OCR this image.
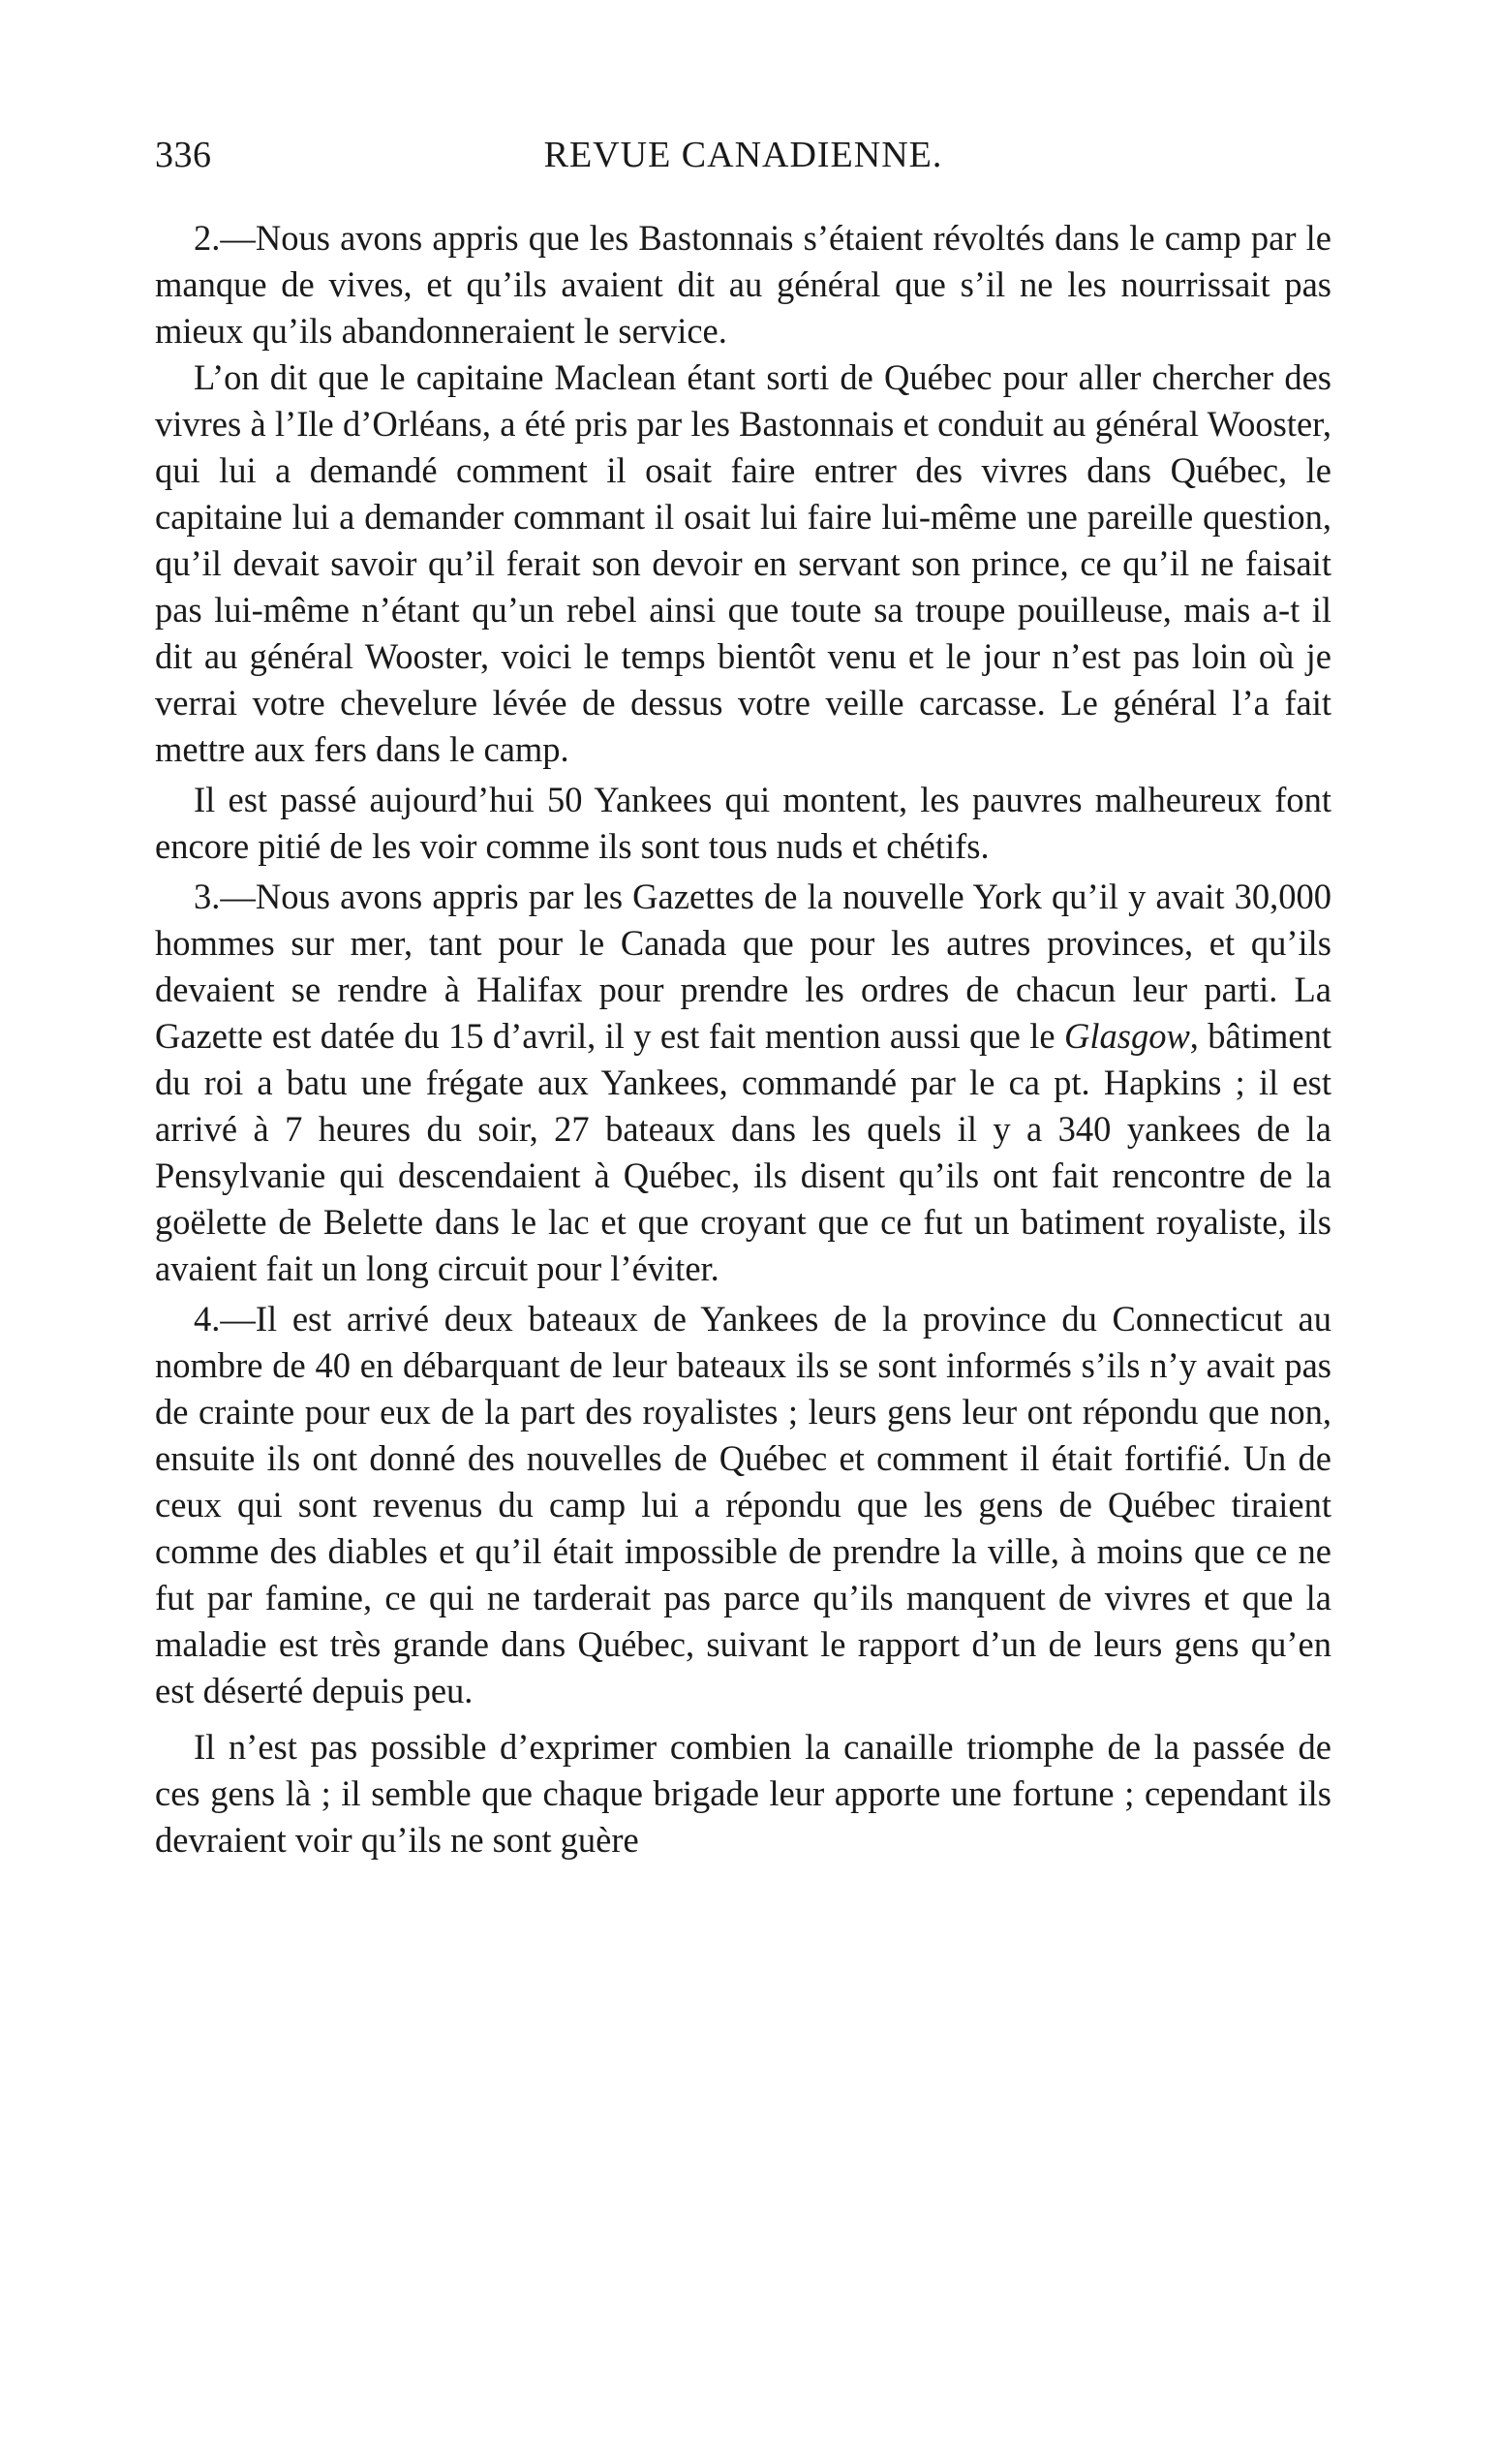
336	REVUE CANADIENNE.

2.—Nous avons appris que les Bastonnais s’étaient révoltés dans le camp par le manque de vives, et qu’ils avaient dit au général que s’il ne les nourrissait pas mieux qu’ils abandonneraient le service.

L’on dit que le capitaine Maclean étant sorti de Québec pour aller chercher des vivres à l’Ile d’Orléans, a été pris par les Bastonnais et conduit au général Wooster, qui lui a demandé comment il osait faire entrer des vivres dans Québec, le capitaine lui a demander commant il osait lui faire lui-même une pareille question, qu’il devait savoir qu’il ferait son devoir en servant son prince, ce qu’il ne faisait pas lui-même n’étant qu’un rebel ainsi que toute sa troupe pouilleuse, mais a-t il dit au général Wooster, voici le temps bientôt venu et le jour n’est pas loin où je verrai votre chevelure lévée de dessus votre veille carcasse. Le général l’a fait mettre aux fers dans le camp.

Il est passé aujourd’hui 50 Yankees qui montent, les pauvres malheureux font encore pitié de les voir comme ils sont tous nuds et chétifs.

3.—Nous avons appris par les Gazettes de la nouvelle York qu’il y avait 30,000 hommes sur mer, tant pour le Canada que pour les autres provinces, et qu’ils devaient se rendre à Halifax pour prendre les ordres de chacun leur parti. La Gazette est datée du 15 d’avril, il y est fait mention aussi que le Glasgow, bâtiment du roi a batu une frégate aux Yankees, commandé par le ca pt. Hapkins ; il est arrivé à 7 heures du soir, 27 bateaux dans les quels il y a 340 yankees de la Pensylvanie qui descendaient à Québec, ils disent qu’ils ont fait rencontre de la goëlette de Belette dans le lac et que croyant que ce fut un batiment royaliste, ils avaient fait un long circuit pour l’éviter.

4.—Il est arrivé deux bateaux de Yankees de la province du Connecticut au nombre de 40 en débarquant de leur bateaux ils se sont informés s’ils n’y avait pas de crainte pour eux de la part des royalistes ; leurs gens leur ont répondu que non, ensuite ils ont donné des nouvelles de Québec et comment il était fortifié. Un de ceux qui sont revenus du camp lui a répondu que les gens de Québec tiraient comme des diables et qu’il était impossible de prendre la ville, à moins que ce ne fut par famine, ce qui ne tarderait pas parce qu’ils manquent de vivres et que la maladie est très grande dans Québec, suivant le rapport d’un de leurs gens qu’en est déserté depuis peu.

Il n’est pas possible d’exprimer combien la canaille triomphe de la passée de ces gens là ; il semble que chaque brigade leur apporte une fortune ; cependant ils devraient voir qu’ils ne sont guère
